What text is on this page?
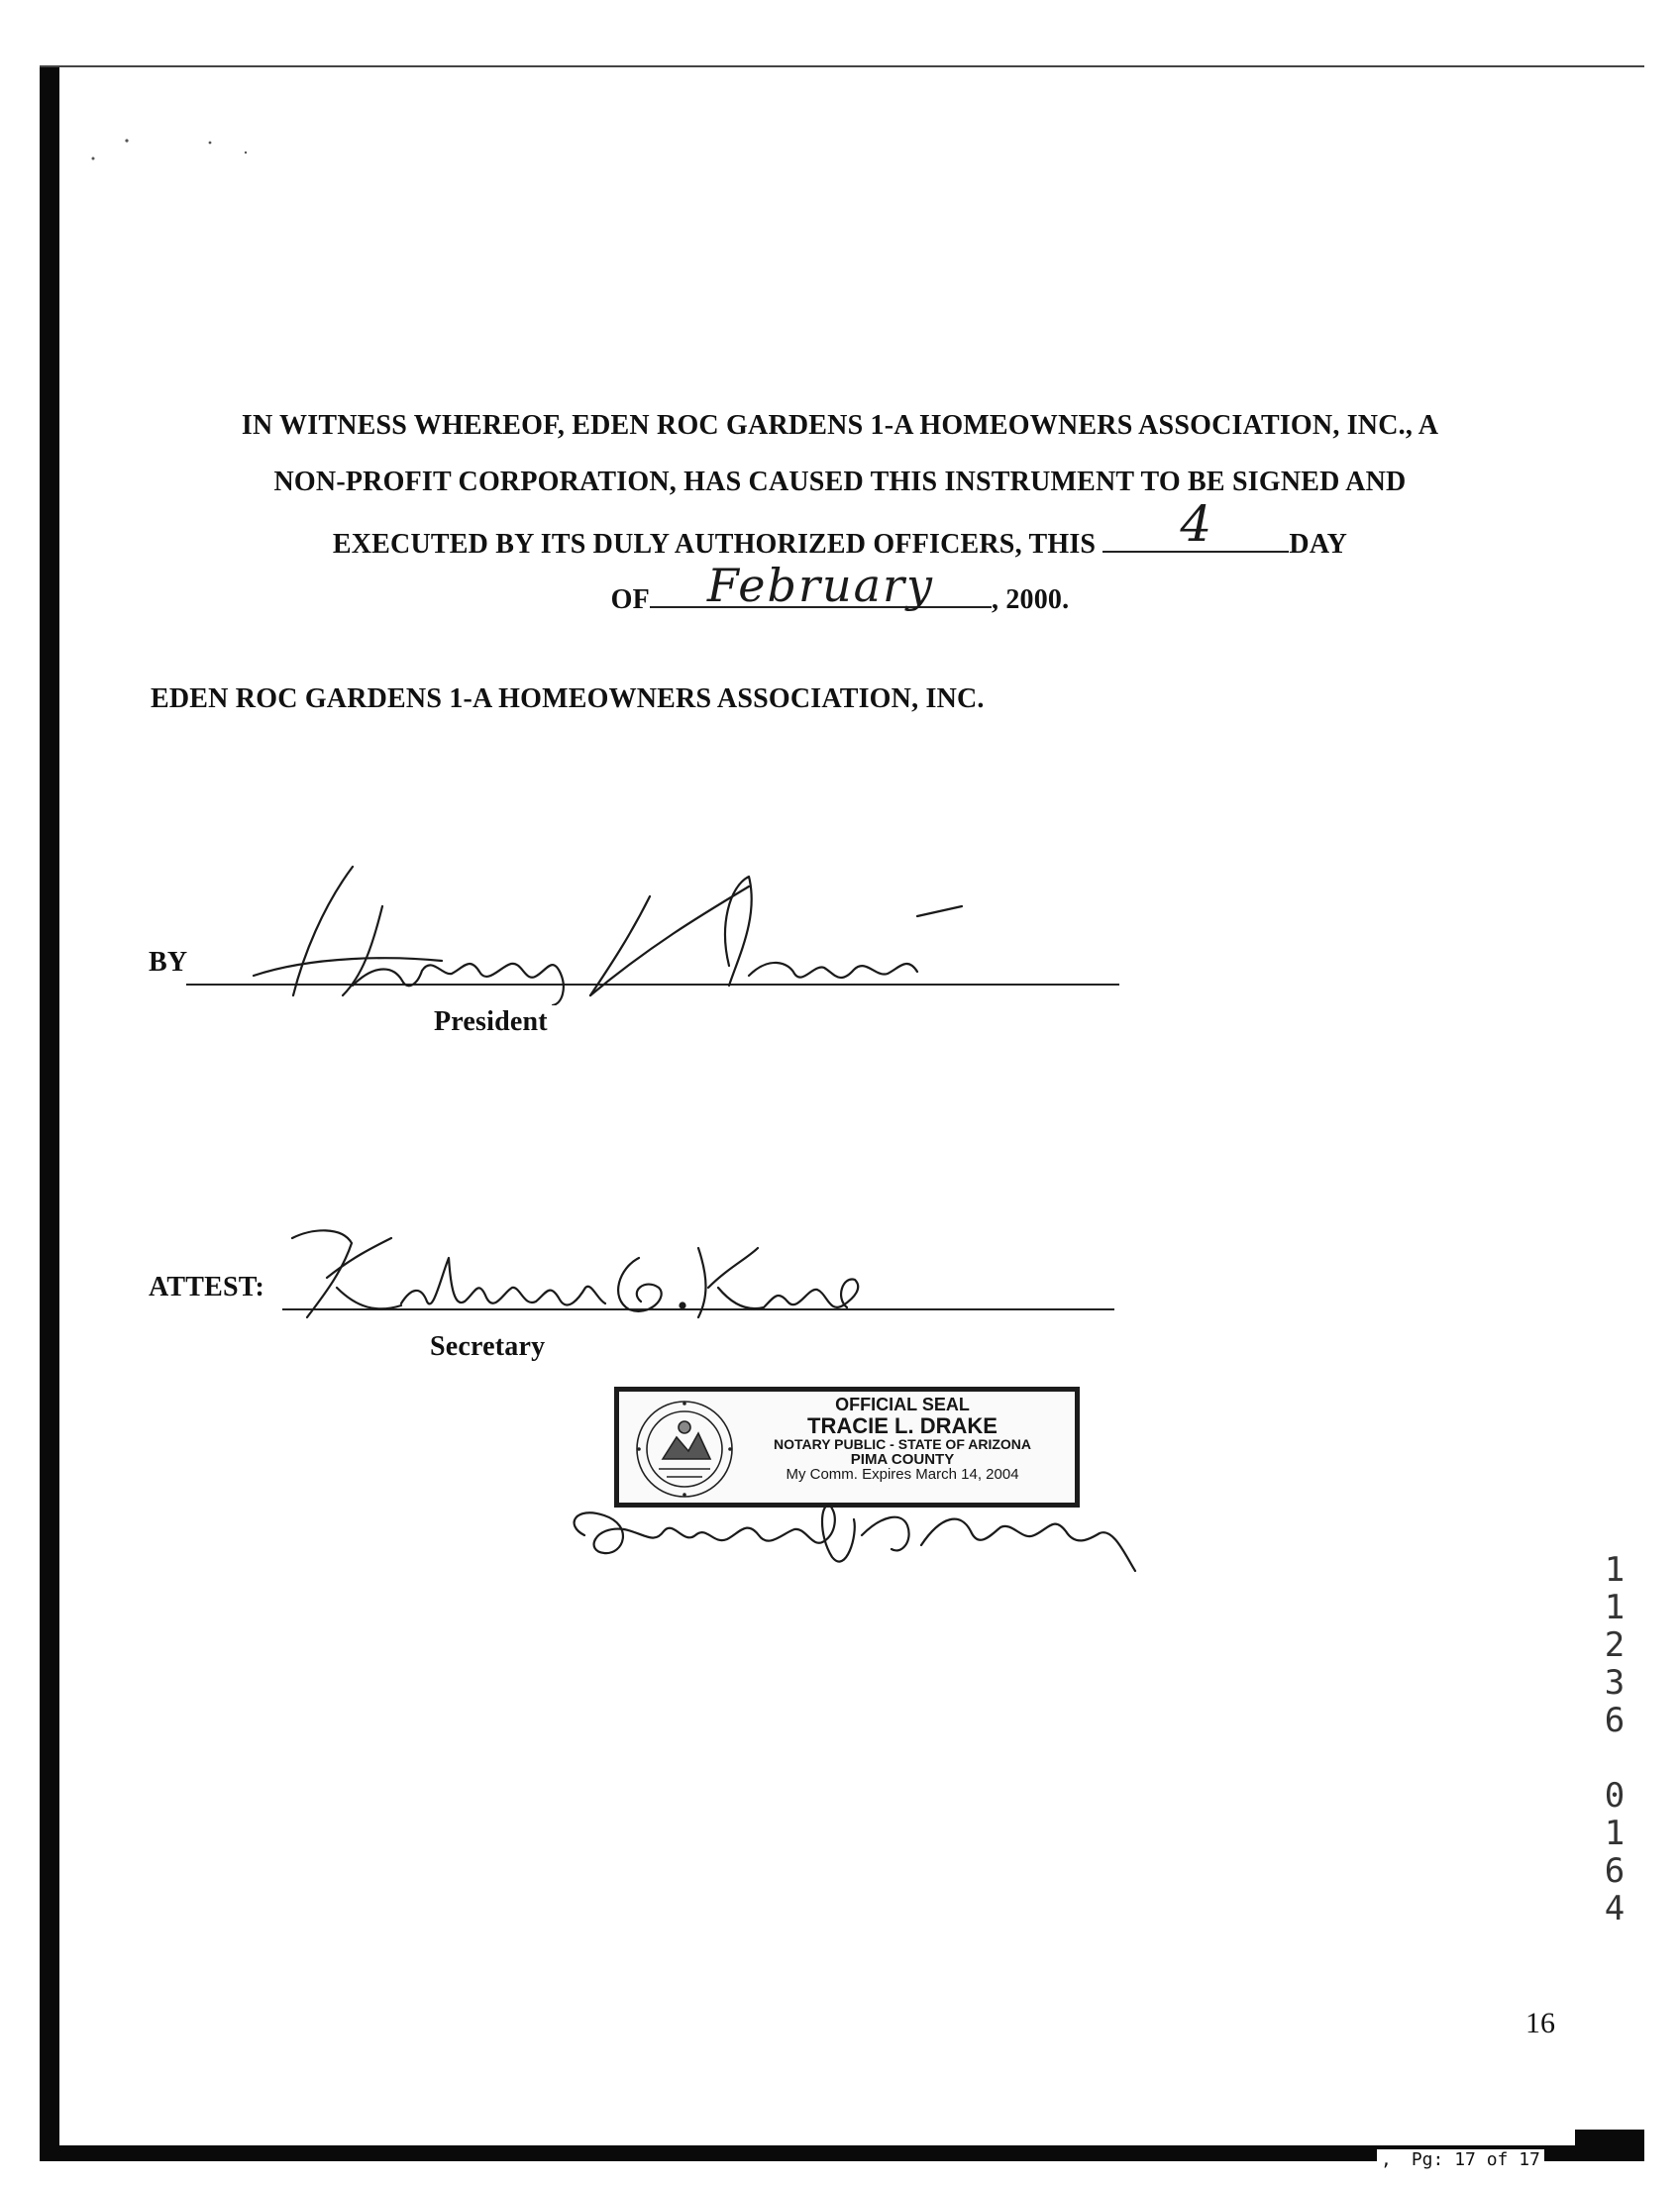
IN WITNESS WHEREOF, EDEN ROC GARDENS 1-A HOMEOWNERS ASSOCIATION, INC., A
NON-PROFIT CORPORATION, HAS CAUSED THIS INSTRUMENT TO BE SIGNED AND
EXECUTED BY ITS DULY AUTHORIZED OFFICERS, THIS	4	DAY
OF	February	, 2000.
EDEN ROC GARDENS 1-A HOMEOWNERS ASSOCIATION, INC.
BY
President
ATTEST:
Secretary
OFFICIAL SEAL
TRACIE L. DRAKE
NOTARY PUBLIC - STATE OF ARIZONA
PIMA COUNTY
My Comm. Expires March 14, 2004
11236 0164
16
, Pg: 17 of 17
